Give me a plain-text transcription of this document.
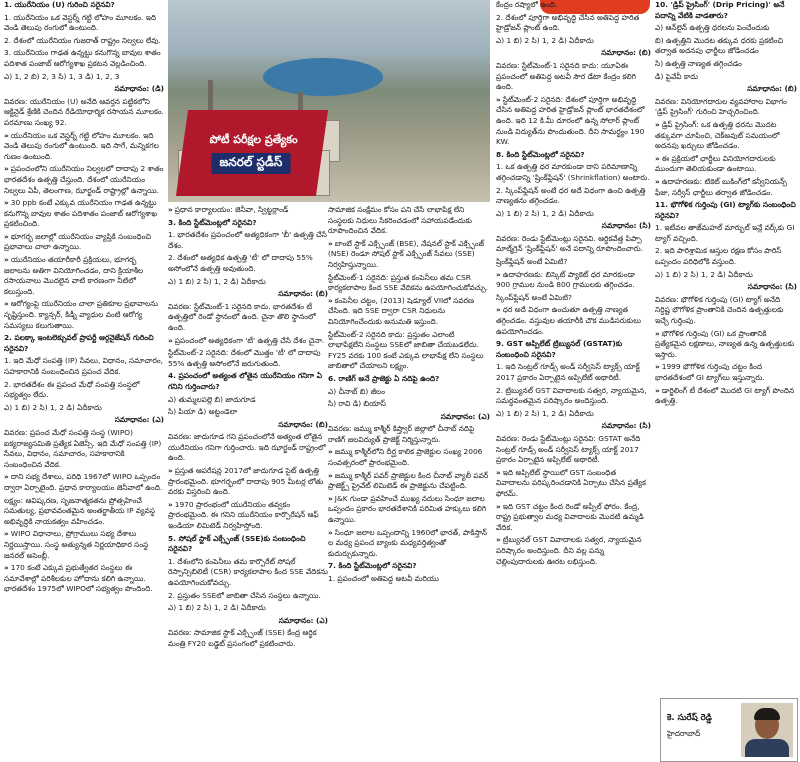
1. యురేనియం (U) గురించి సరైనవి?

1. యురేనియం ఒక వెస్టర్న్ గట్టి లోహం మూలకం. ఇది వెండి తెలుపు రంగులో ఉంటుంది.

2. దేశంలో యురేనియం గుజరాత్ రాష్ట్రం నిల్వలు లేవు.

3. యురేనియం గాఢత ఉన్నట్టు కనుగొన్న బావుల శాతం పదిశాత పంజాబ్ ఆరోగ్యశాఖ ప్రకటన వెల్లడించింది.

ఎ) 1, 2 బి) 2, 3 సి) 1, 3 డి) 1, 2, 3

సమాధానం: (డి)

వివరణ: యురేనియం (U) అనేది ఆవర్తన పట్టికలోని ఆక్టినైడ్ శ్రేణికి చెందిన రేడియోధార్మిక రసాయన మూలకం. పరమాణు సంఖ్య 92.

» యురేనియం ఒక వెస్టర్న్ గట్టి లోహం మూలకం. ఇది వెండి తెలుపు రంగులో ఉంటుంది. ఇది సాగే, మన్నికగల గుణం ఉంటుంది.

» ప్రపంచంలోని యురేనియం నిల్వలలో దాదాపు 2 శాతం భారతదేశం ఉత్పత్తి చేస్తుంది. దేశంలో యురేనియం నిల్వలు ఏపీ, తెలంగాణ, ఝార్ఖండ్ రాష్ట్రాల్లో ఉన్నాయి.

» 30 ppb కంటే ఎక్కువ యురేనియం గాఢత ఉన్నట్టు కనుగొన్న బావుల శాతం పదిశాతం పంజాబ్ ఆరోగ్యశాఖ ప్రకటించింది.

» భూగర్భ జలాల్లో యురేనియం వ్యాప్తికి సంబంధించి ప్రభావాలు చాలా ఉన్నాయి.

» యురేనియం తయారీకారీ ప్రక్రియలు, భూగర్భ జలాలను అతిగా వినియోగించడం, దాని క్రియాశీల రసాయనాలు మొదలైన వాటి కారణంగా నీటిలో కలుస్తుంది.

» ఆరోగ్యంపై యురేనియం చాలా ప్రతికూల ప్రభావాలను సృష్టిస్తుంది. క్యాన్సర్, కిడ్నీ వ్యాధుల వంటి ఆరోగ్య సమస్యలు కలుగుతాయి.

2. పలక్కా ఇంటలెక్చువల్ ప్రాపర్టీ ఆర్గనైజేషన్ గురించి సరైనవి?

1. ఇది మేధో సంపత్తి (IP) సేవలు, విధానం, సమాచారం, సహకారానికి సంబంధించిన ప్రపంచ వేదిక.

2. భారతదేశం ఈ ప్రపంచ మేధో సంపత్తి సంస్థలో సభ్యత్వం లేదు.

ఎ) 1 బి) 2 సి) 1, 2 డి) ఏదీకాదు

సమాధానం: (ఎ)

వివరణ: ప్రపంచ మేధో సంపత్తి సంస్థ (WIPO) ఐక్యరాజ్యసమితి ప్రత్యేక ఏజెన్సీ. ఇది మేధో సంపత్తి (IP) సేవలు, విధానం, సమాచారం, సహకారానికి సంబంధించిన వేదిక.

» దాని సభ్య దేశాలు, పరిధి 1967లో WIPO ఒప్పందం ద్వారా ఏర్పాటైంది. ప్రధాన కార్యాలయం జెనీవాలో ఉంది.

లక్ష్యం: ఆవిష్కరణ, సృజనాత్మకతను ప్రోత్సహించే సమతుల్య, ప్రభావవంతమైన అంతర్జాతీయ IP వ్యవస్థ అభివృద్ధికి నాయకత్వం వహించడం.

» WIPO విధానాలు, ప్రోగ్రాములు సభ్య దేశాలు నిర్ణయిస్తాయి. సంస్థ అత్యున్నత నిర్ణయాధికార సంస్థ జనరల్ అసెంబ్లీ.

» 170 కంటే ఎక్కువ ప్రభుత్వేతర సంస్థలు ఈ సమావేశాల్లో పరిశీలకుల హోదాను కలిగి ఉన్నాయి. భారతదేశం 1975లో WIPOలో సభ్యత్వం పొందింది.

పోటీ పరీక్షల ప్రత్యేకం
జనరల్ స్టడీస్

» ప్రధాన కార్యాలయం: జెనీవా, స్విట్జర్లాండ్

3. కింది స్టేట్‌మెంట్లలో సరైనవి?

1. భారతదేశం ప్రపంచంలో అత్యధికంగా 'బీ' ఉత్పత్తి చేసే దేశం.

2. దేశంలో అత్యధిక ఉత్పత్తి 'టీ' లో దాదాపు 55% అసోంలోనే ఉత్పత్తి అవుతుంది.

ఎ) 1 బి) 2 సి) 1, 2 డి) ఏదీకాదు

సమాధానం: (బి)

వివరణ: స్టేట్‌మెంట్-1 సరైనది కాదు. భారతదేశం టీ ఉత్పత్తిలో రెండో స్థానంలో ఉంది. చైనా తొలి స్థానంలో ఉంది.

» ప్రపంచంలో అత్యధికంగా 'టీ' ఉత్పత్తి చేసే దేశం చైనా.

స్టేట్‌మెంట్-2 సరైనది: దేశంలో మొత్తం 'టీ' లో దాదాపు 55% ఉత్పత్తి అసోంలోనే జరుగుతుంది.

4. ప్రపంచంలో అత్యంత లోతైన యురేనియం గనిగా ఏ గనిని గుర్తించారు?

ఎ) తుమ్మలపల్లె బి) జాదుగూడ

సి) పియా డి) అట్టండెలా

సమాధానం: (బి)

వివరణ: జాదుగూడ గని ప్రపంచంలోనే అత్యంత లోతైన యురేనియం గనిగా గుర్తించారు. ఇది ఝార్ఖండ్ రాష్ట్రంలో ఉంది.

» ప్రస్తుత ఆపరేషన్ల 2017లో జాదుగూడ సైట్ ఉత్పత్తి ప్రారంభమైంది. భూగర్భంలో దాదాపు 905 మీటర్ల లోతు వరకు విస్తరించి ఉంది.

» 1970 ప్రారంభంలో యురేనియం తవ్వకం ప్రారంభమైంది. ఈ గనిని యురేనియం కార్పొరేషన్ ఆఫ్ ఇండియా లిమిటెడ్ నిర్వహిస్తోంది.

5. సోషల్ స్టాక్ ఎక్స్ఛేంజ్ (SSE)కు సంబంధించి సరైనవి?

1. దేశంలోని కంపెనీలు తమ కార్పొరేట్ సోషల్ రెస్పాన్సిబిలిటీ (CSR) కార్యకలాపాల కింద SSE వేదికను ఉపయోగించుకోవచ్చు.

2. ప్రస్తుతం SSEలో జాబితా చేసిన సంస్థలు ఉన్నాయి.

ఎ) 1 బి) 2 సి) 1, 2 డి) ఏదీకాదు

సమాధానం: (ఎ)

వివరణ: సామాజిక స్టాక్ ఎక్స్ఛేంజ్ (SSE) కేంద్ర ఆర్థిక మంత్రి FY20 బడ్జెట్ ప్రసంగంలో ప్రకటించారు.

సామాజిక సంక్షేమం కోసం పని చేసే లాభాపేక్ష లేని సంస్థలకు నిధులు సేకరించడంలో సహాయపడేందుకు రూపొందించిన వేదిక.

» బాంబే స్టాక్ ఎక్స్ఛేంజ్ (BSE), నేషనల్ స్టాక్ ఎక్స్ఛేంజ్ (NSE) రెండూ సోషల్ స్టాక్ ఎక్స్ఛేంజ్ సేవలు (SSE) నిర్వహిస్తున్నాయి.

స్టేట్‌మెంట్-1 సరైనది: ప్రస్తుత కంపెనీలు తమ CSR కార్యకలాపాల కింద SSE వేదికను ఉపయోగించుకోవచ్చు.

» కంపెనీల చట్టం, (2013) షెడ్యూల్ VIIలో సవరణ చేసింది. ఇది SSE ద్వారా CSR నిధులను వినియోగించేందుకు అనుమతి ఇస్తుంది.

స్టేట్‌మెంట్-2 సరైనది కాదు: ప్రస్తుతం ఎలాంటి లాభాపేక్షలేని సంస్థలు SSEలో జాబితా చేయబడలేదు. FY25 వరకు 100 కంటే ఎక్కువ లాభాపేక్ష లేని సంస్థలు జాబితాలో చేయాలని లక్ష్యం.

6. రాణిగ్ అనే ప్రాజెక్టు ఏ నదిపై ఉంది?

ఎ) చీనాబ్ బి) జీలం

సి) రావి డి) బియాస్

సమాధానం: (ఎ)

వివరణ: జమ్ము కాశ్మీర్ కిష్త్వార్ జిల్లాలో చీనాబ్ నదిపై రాణిగ్ జలవిద్యుత్ ప్రాజెక్ట్ నిర్మిస్తున్నారు.

» జమ్ము కాశ్మీర్‌లోని దీర్ఘ కాలిక ప్రాజెక్టుల సంఖ్య 2006 సంవత్సరంలో ప్రారంభమైంది.

» జమ్ము కాశ్మీర్ పవర్ ప్రాజెక్టుల కింద చీనాబ్ వ్యాలీ పవర్ ప్రాజెక్ట్స్ ప్రైవేట్ లిమిటెడ్ ఈ ప్రాజెక్టును చేపట్టింది.

» J&K గుండా ప్రవహించే ముఖ్య నదులు సింధూ జలాల ఒప్పందం ప్రకారం భారతదేశానికి పరిమిత హక్కులు కలిగి ఉన్నాయి.

» సింధూ జలాల ఒప్పందాన్ని 1960లో భారత్, పాకిస్తాన్ ల మధ్య ప్రపంచ బ్యాంకు మధ్యవర్తిత్వంతో కుదుర్చుకున్నారు.

7. కింది స్టేట్‌మెంట్లలో సరైనవి?

1. ప్రపంచంలో అతిపెద్ద అటవీ మరియు

కేంద్రం రష్యాలో ఉంది.

2. దేశంలో పూర్తిగా అభివృద్ధి చేసిన అతిపెద్ద హరిత హైడ్రోజన్ ప్లాంట్ ఉంది.

ఎ) 1 బి) 2 సి) 1, 2 డి) ఏదీకాదు

సమాధానం: (బి)

వివరణ: స్టేట్‌మెంట్-1 సరైనది కాదు: యూఏఈ ప్రపంచంలో అతిపెద్ద అటవీ సౌర డేటా కేంద్రం కలిగి ఉంది.

» స్టేట్‌మెంట్-2 సరైనది: దేశంలో పూర్తిగా అభివృద్ధి చేసిన అతిపెద్ద హరిత హైడ్రోజన్ ప్లాంట్ భారతదేశంలో ఉంది. ఇది 12 కి.మీ దూరంలో ఉన్న సోలార్ ప్లాంట్ నుండి విద్యుత్‌ను పొందుతుంది. దీని సామర్థ్యం 190 KW.

8. కింది స్టేట్‌మెంట్లలో సరైనవి?

1. ఒక ఉత్పత్తి ధర మారకుండా దాని పరిమాణాన్ని తగ్గించడాన్ని 'ష్రింక్‌ఫ్లేషన్' (Shrinkflation) అంటారు.

2. స్కింప్‌ఫ్లేషన్ అంటే ధర అదే విధంగా ఉంచి ఉత్పత్తి నాణ్యతను తగ్గించడం.

ఎ) 1 బి) 2 సి) 1, 2 డి) ఏదీకాదు

సమాధానం: (సి)

వివరణ: రెండు స్టేట్‌మెంట్లు సరైనవి. ఆర్థికవేత్త పిప్పా మాల్మ్‌గ్రెన్ 'ష్రింక్‌ఫ్లేషన్' అనే పదాన్ని రూపొందించారు.

ష్రింక్‌ఫ్లేషన్ అంటే ఏమిటి?

» ఉదాహరణకు: బిస్కెట్ ప్యాకెట్ ధర మారకుండా 900 గ్రాముల నుండి 800 గ్రాములకు తగ్గించడం.

స్కింప్‌ఫ్లేషన్ అంటే ఏమిటి?

» ధర అదే విధంగా ఉంచుతూ ఉత్పత్తి నాణ్యత తగ్గించడం. వస్తువుల తయారీకి చౌక ముడిసరుకులు ఉపయోగించడం.

9. GST అప్పిలేట్ ట్రిబ్యునల్ (GSTAT)కు సంబంధించి సరైనవి?

1. ఇది సెంట్రల్ గూడ్స్ అండ్ సర్వీసెస్ ట్యాక్స్ యాక్ట్ 2017 ప్రకారం ఏర్పాటైన అప్పిలేట్ అథారిటీ.

2. ట్రిబ్యునల్ GST వివాదాలకు సత్వర, న్యాయమైన, సమర్థవంతమైన పరిష్కారం అందిస్తుంది.

ఎ) 1 బి) 2 సి) 1, 2 డి) ఏదీకాదు

సమాధానం: (సి)

వివరణ: రెండు స్టేట్‌మెంట్లు సరైనవి: GSTAT అనేది సెంట్రల్ గూడ్స్ అండ్ సర్వీసెస్ ట్యాక్స్ యాక్ట్ 2017 ప్రకారం ఏర్పాటైన అప్పిలేట్ అథారిటీ.

» ఇది అప్పిలేట్ స్థాయిలో GST సంబంధిత వివాదాలను పరిష్కరించడానికి ఏర్పాటు చేసిన ప్రత్యేక ఫోరమ్.

» ఇది GST చట్టం కింద రెండో అప్పీల్ ఫోరం. కేంద్ర, రాష్ట్ర ప్రభుత్వాల మధ్య వివాదాలకు మొదటి ఉమ్మడి వేదిక.

» ట్రిబ్యునల్ GST వివాదాలకు సత్వర, న్యాయమైన పరిష్కారం అందిస్తుంది. దీని వల్ల పన్ను చెల్లింపుదారులకు ఊరట లభిస్తుంది.

10. 'డ్రిప్ ప్రైసింగ్' (Drip Pricing)' అనే పదాన్ని వేటికి వాడతారు?

ఎ) ఆన్‌లైన్ ఉత్పత్తి ధరలను పెంచేందుకు

బి) ఉత్పత్తిని మొదట తక్కువ ధరకు ప్రకటించి తర్వాత అదనపు ఛార్జీలు జోడించడం

సి) ఉత్పత్తి నాణ్యత తగ్గించడం

డి) పైవేవీ కాదు

సమాధానం: (బి)

వివరణ: వినియోగదారుల వ్యవహారాల విభాగం 'డ్రిప్ ప్రైసింగ్' గురించి హెచ్చరించింది.

» డ్రిప్ ప్రైసింగ్: ఒక ఉత్పత్తి ధరను మొదట తక్కువగా చూపించి, చెక్అవుట్ సమయంలో అదనపు ఖర్చులు జోడించడం.

» ఈ ప్రక్రియలో ఛార్జీలు వినియోగదారులకు ముందుగా తెలియకుండా ఉంటాయి.

» ఉదాహరణకు: టికెట్ బుకింగ్‌లో కన్వీనియన్స్ ఫీజు, సర్వీస్ ఛార్జీలు తర్వాత జోడించడం.

11. భౌగోళిక గుర్తింపు (GI) ట్యాగ్‌కు సంబంధించి సరైనవి?

1. ఇటీవల తాజ్‌మహల్ మార్బుల్ ఇన్లే వర్క్‌కు GI ట్యాగ్ వచ్చింది.

2. ఇది పారిశ్రామిక ఆస్తుల రక్షణ కోసం పారిస్ ఒప్పందం పరిధిలోకి వస్తుంది.

ఎ) 1 బి) 2 సి) 1, 2 డి) ఏదీకాదు

సమాధానం: (సి)

వివరణ: భౌగోళిక గుర్తింపు (GI) ట్యాగ్ అనేది నిర్దిష్ట భౌగోళిక ప్రాంతానికి చెందిన ఉత్పత్తులకు ఇచ్చే గుర్తింపు.

» భౌగోళిక గుర్తింపు (GI) ఒక ప్రాంతానికి ప్రత్యేకమైన లక్షణాలు, నాణ్యత ఉన్న ఉత్పత్తులకు ఇస్తారు.

» 1999 భౌగోళిక గుర్తింపు చట్టం కింద భారతదేశంలో GI ట్యాగ్‌లు ఇస్తున్నారు.

» డార్జిలింగ్ టీ దేశంలో మొదటి GI ట్యాగ్ పొందిన ఉత్పత్తి.

కె. సురేష్ రెడ్డి
హైదరాబాద్
